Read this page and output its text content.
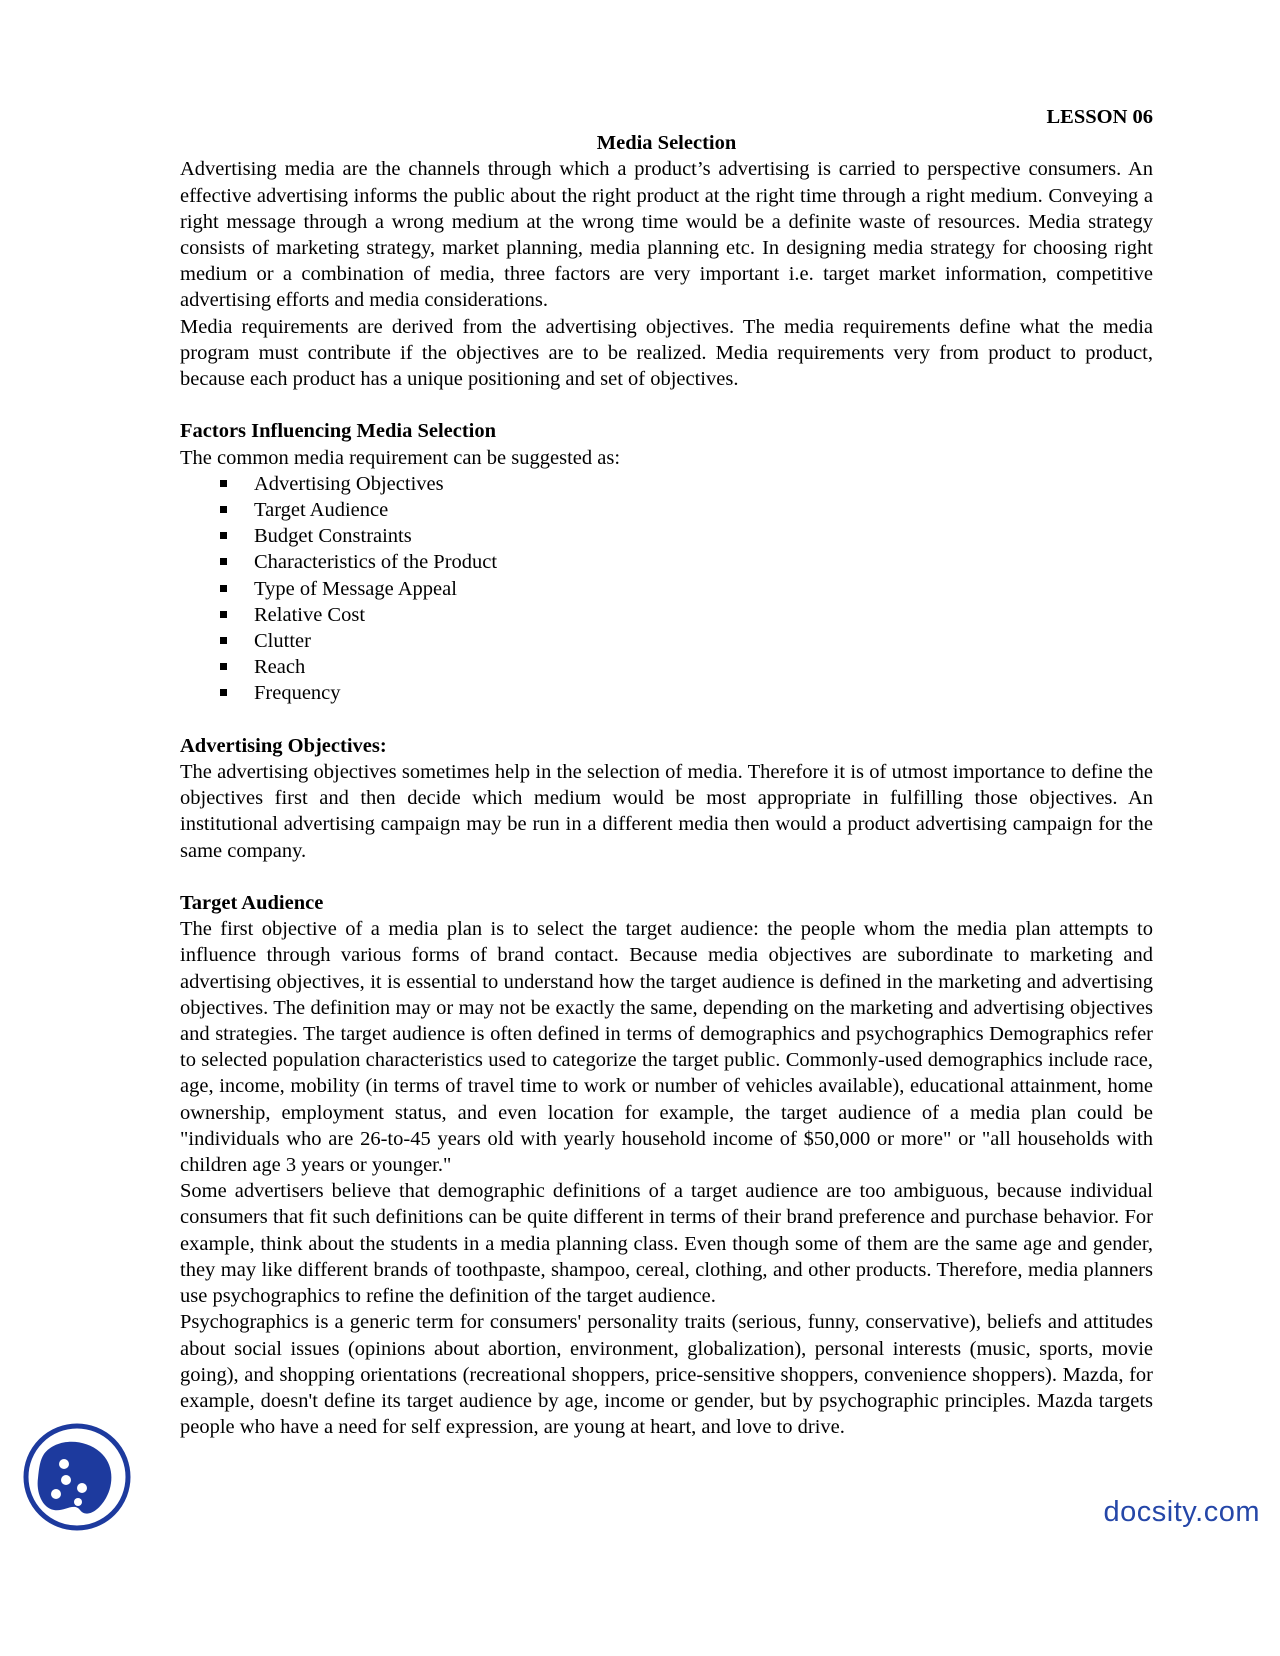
LESSON 06
Media Selection

Advertising media are the channels through which a product’s advertising is carried to perspective consumers. An effective advertising informs the public about the right product at the right time through a right medium. Conveying a right message through a wrong medium at the wrong time would be a definite waste of resources. Media strategy consists of marketing strategy, market planning, media planning etc. In designing media strategy for choosing right medium or a combination of media, three factors are very important i.e. target market information, competitive advertising efforts and media considerations.

Media requirements are derived from the advertising objectives. The media requirements define what the media program must contribute if the objectives are to be realized. Media requirements very from product to product, because each product has a unique positioning and set of objectives.

Factors Influencing Media Selection

The common media requirement can be suggested as:

Advertising Objectives
Target Audience
Budget Constraints
Characteristics of the Product
Type of Message Appeal
Relative Cost
Clutter
Reach
Frequency
Advertising Objectives:

The advertising objectives sometimes help in the selection of media. Therefore it is of utmost importance to define the objectives first and then decide which medium would be most appropriate in fulfilling those objectives. An institutional advertising campaign may be run in a different media then would a product advertising campaign for the same company.

Target Audience

The first objective of a media plan is to select the target audience: the people whom the media plan attempts to influence through various forms of brand contact. Because media objectives are subordinate to marketing and advertising objectives, it is essential to understand how the target audience is defined in the marketing and advertising objectives. The definition may or may not be exactly the same, depending on the marketing and advertising objectives and strategies. The target audience is often defined in terms of demographics and psychographics Demographics refer to selected population characteristics used to categorize the target public. Commonly-used demographics include race, age, income, mobility (in terms of travel time to work or number of vehicles available), educational attainment, home ownership, employment status, and even location for example, the target audience of a media plan could be "individuals who are 26-to-45 years old with yearly household income of $50,000 or more" or "all households with children age 3 years or younger."

Some advertisers believe that demographic definitions of a target audience are too ambiguous, because individual consumers that fit such definitions can be quite different in terms of their brand preference and purchase behavior. For example, think about the students in a media planning class. Even though some of them are the same age and gender, they may like different brands of toothpaste, shampoo, cereal, clothing, and other products. Therefore, media planners use psychographics to refine the definition of the target audience.

Psychographics is a generic term for consumers' personality traits (serious, funny, conservative), beliefs and attitudes about social issues (opinions about abortion, environment, globalization), personal interests (music, sports, movie going), and shopping orientations (recreational shoppers, price-sensitive shoppers, convenience shoppers). Mazda, for example, doesn't define its target audience by age, income or gender, but by psychographic principles. Mazda targets people who have a need for self expression, are young at heart, and love to drive.

docsity.com
